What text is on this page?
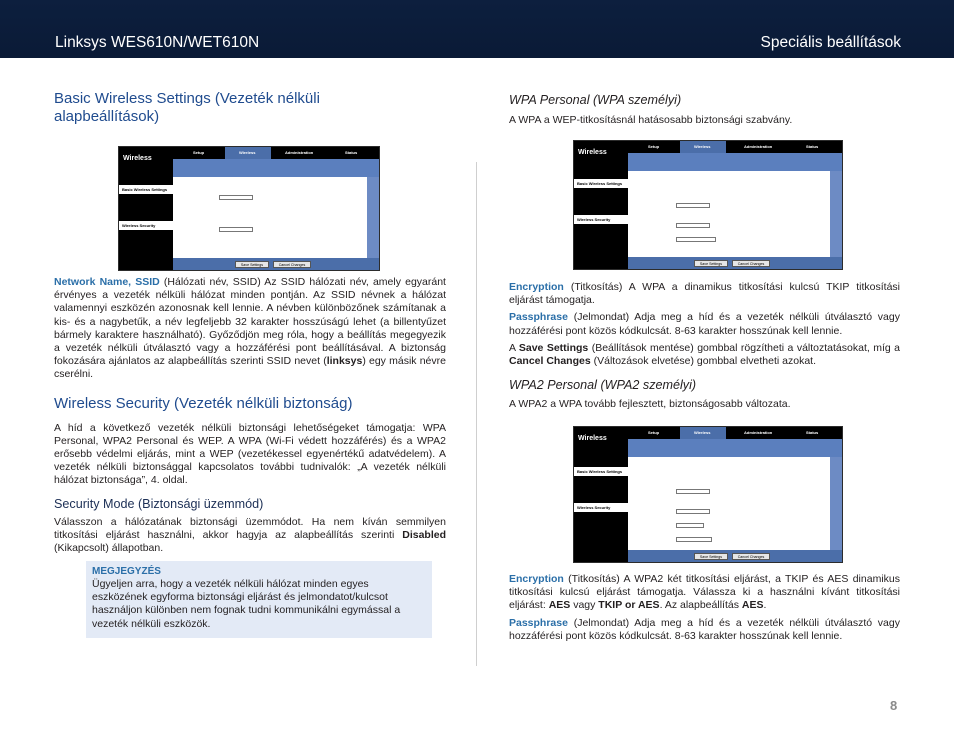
Linksys WES610N/WET610N	Speciális beállítások
Basic Wireless Settings (Vezeték nélküli alapbeállítások)
Wireless
Setup	Wireless	Administration	Status
Basic Wireless Settings
Wireless Security
Save Settings	Cancel Changes

Network Name, SSID (Hálózati név, SSID) Az SSID hálózati név, amely egyaránt érvényes a vezeték nélküli hálózat minden pontján. Az SSID névnek a hálózat valamennyi eszközén azonosnak kell lennie. A névben különbözőnek számítanak a kis- és a nagybetűk, a név legfeljebb 32 karakter hosszúságú lehet (a billentyűzet bármely karaktere használható). Győződjön meg róla, hogy a beállítás megegyezik a vezeték nélküli útválasztó vagy a hozzáférési pont beállításával. A biztonság fokozására ajánlatos az alapbeállítás szerinti SSID nevet (linksys) egy másik névre cserélni.

Wireless Security (Vezeték nélküli biztonság)

A híd a következő vezeték nélküli biztonsági lehetőségeket támogatja: WPA Personal, WPA2 Personal és WEP. A WPA (Wi-Fi védett hozzáférés) és a WPA2 erősebb védelmi eljárás, mint a WEP (vezetékessel egyenértékű adatvédelem). A vezeték nélküli biztonsággal kapcsolatos további tudnivalók: „A vezeték nélküli hálózat biztonsága”, 4. oldal.

Security Mode (Biztonsági üzemmód)

Válasszon a hálózatának biztonsági üzemmódot. Ha nem kíván semmilyen titkosítási eljárást használni, akkor hagyja az alapbeállítás szerinti Disabled (Kikapcsolt) állapotban.

MEGJEGYZÉS
Ügyeljen arra, hogy a vezeték nélküli hálózat minden egyes eszközének egyforma biztonsági eljárást és jelmondatot/kulcsot használjon különben nem fognak tudni kommunikálni egymással a vezeték nélküli eszközök.
WPA Personal (WPA személyi)

A WPA a WEP-titkosításnál hatásosabb biztonsági szabvány.

Wireless
Setup	Wireless	Administration	Status
Basic Wireless Settings
Wireless Security
Save Settings	Cancel Changes

Encryption (Titkosítás) A WPA a dinamikus titkosítási kulcsú TKIP titkosítási eljárást támogatja.

Passphrase (Jelmondat) Adja meg a híd és a vezeték nélküli útválasztó vagy hozzáférési pont közös kódkulcsát. 8-63 karakter hosszúnak kell lennie.

A Save Settings (Beállítások mentése) gombbal rögzítheti a változtatásokat, míg a Cancel Changes (Változások elvetése) gombbal elvetheti azokat.

WPA2 Personal (WPA2 személyi)

A WPA2 a WPA tovább fejlesztett, biztonságosabb változata.

Wireless
Setup	Wireless	Administration	Status
Basic Wireless Settings
Wireless Security
Save Settings	Cancel Changes

Encryption (Titkosítás) A WPA2 két titkosítási eljárást, a TKIP és AES dinamikus titkosítási kulcsú eljárást támogatja. Válassza ki a használni kívánt titkosítási eljárást: AES vagy TKIP or AES. Az alapbeállítás AES.

Passphrase (Jelmondat) Adja meg a híd és a vezeték nélküli útválasztó vagy hozzáférési pont közös kódkulcsát. 8-63 karakter hosszúnak kell lennie.

8
